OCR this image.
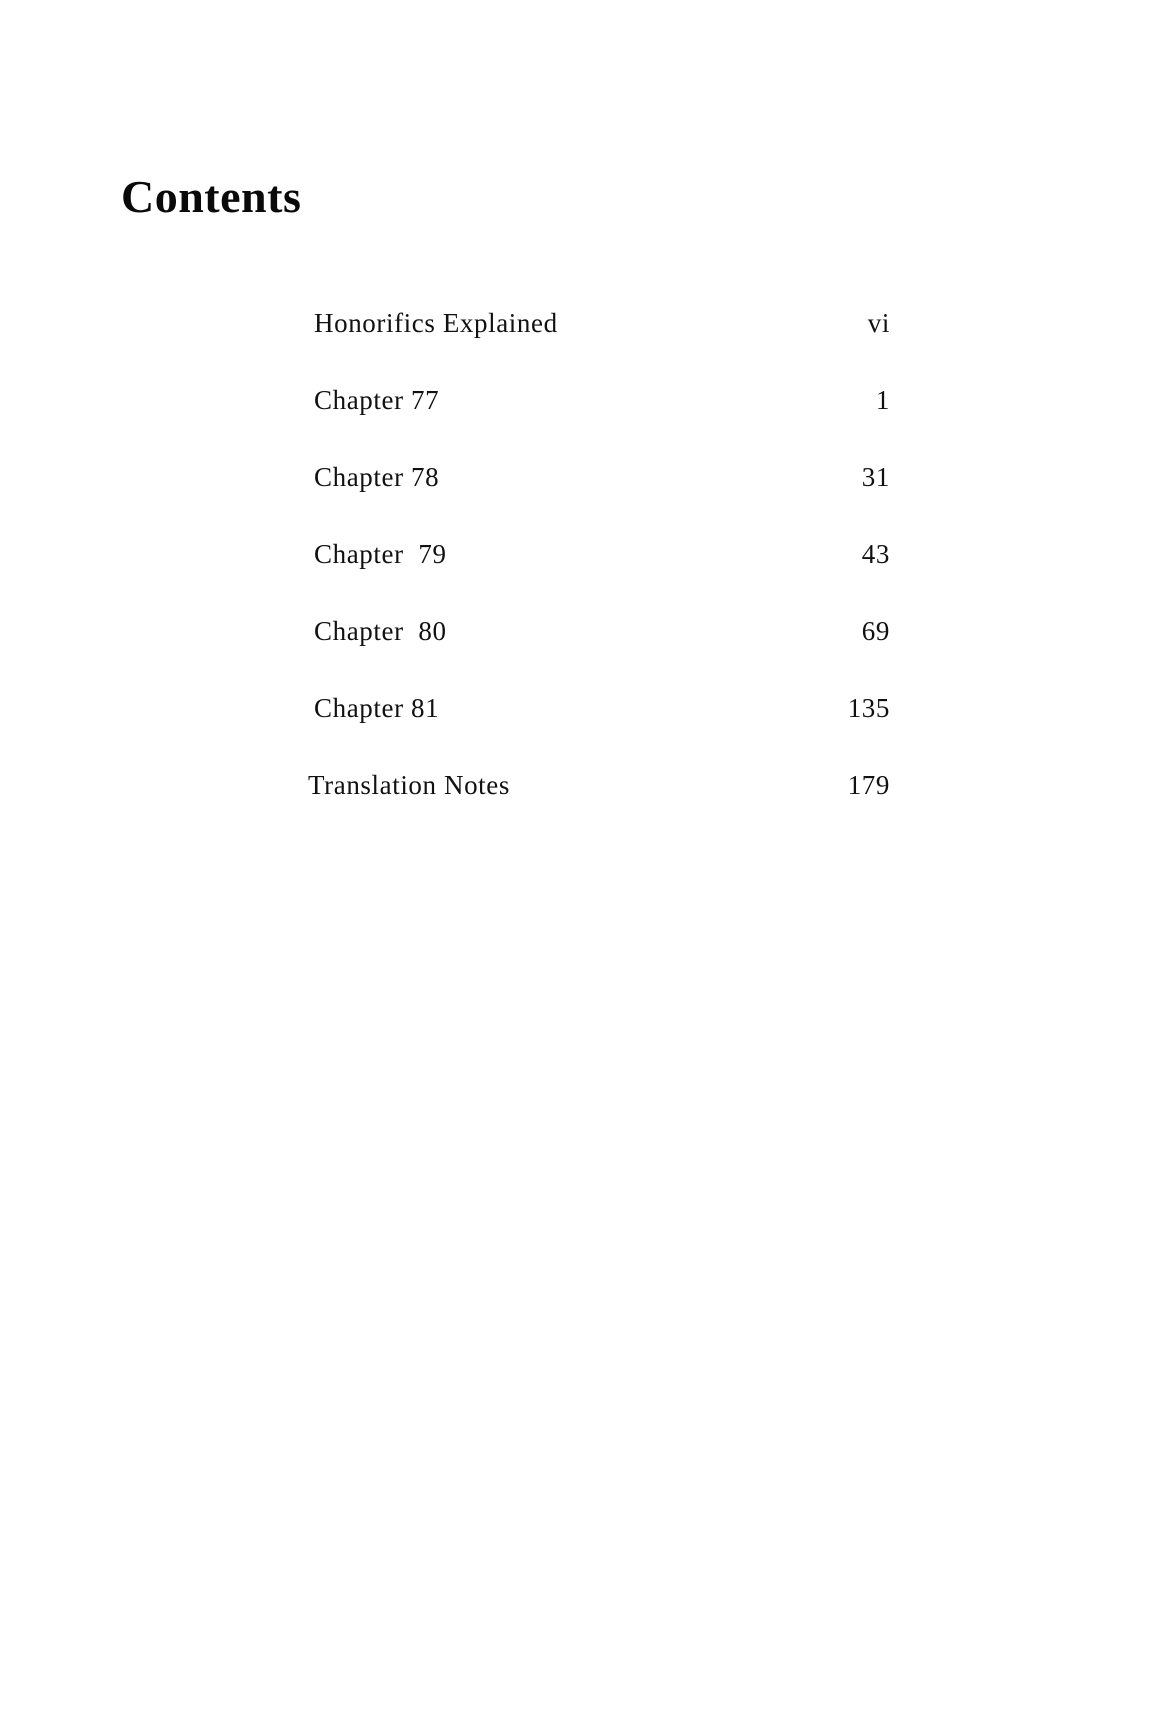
Contents
Honorifics Explained	vi
Chapter 77	1
Chapter 78	31
Chapter  79	43
Chapter  80	69
Chapter 81	135
Translation Notes	179
